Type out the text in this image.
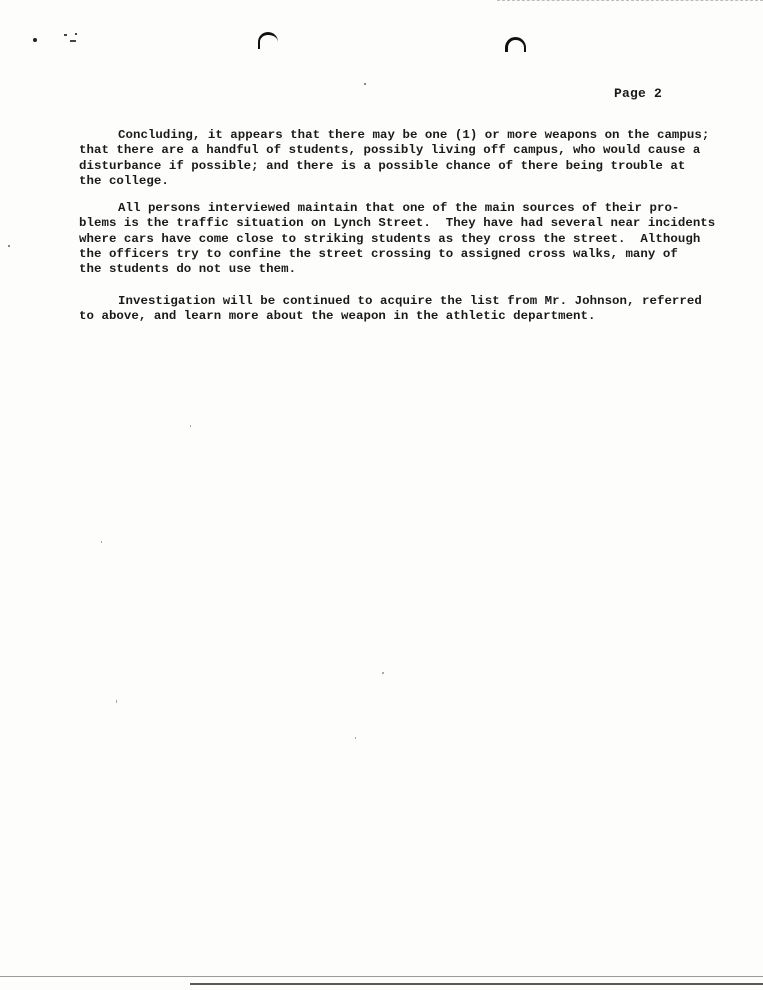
Page 2

Concluding, it appears that there may be one (1) or more weapons on the campus;
that there are a handful of students, possibly living off campus, who would cause a
disturbance if possible; and there is a possible chance of there being trouble at
the college.

All persons interviewed maintain that one of the main sources of their pro-
blems is the traffic situation on Lynch Street.  They have had several near incidents
where cars have come close to striking students as they cross the street.  Although
the officers try to confine the street crossing to assigned cross walks, many of
the students do not use them.

Investigation will be continued to acquire the list from Mr. Johnson, referred
to above, and learn more about the weapon in the athletic department.
